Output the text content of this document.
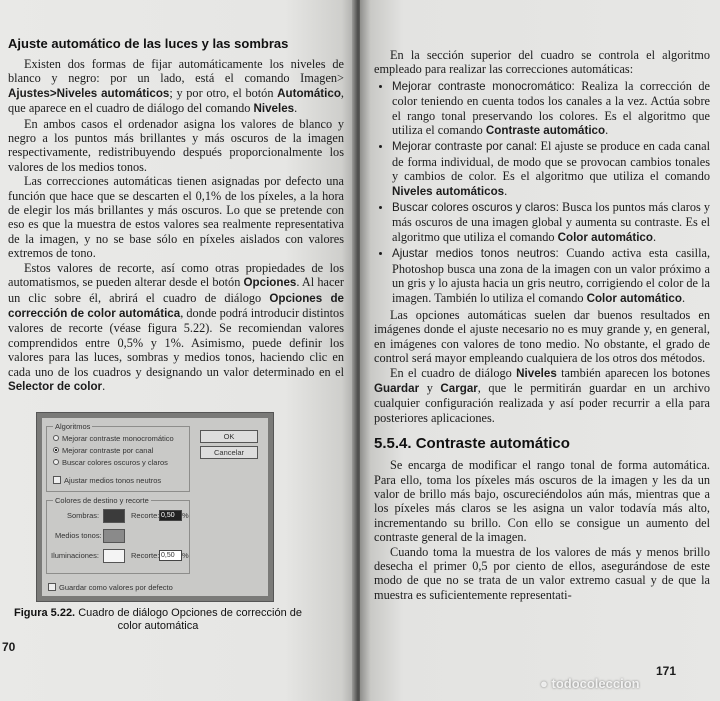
Ajuste automático de las luces y las sombras

Existen dos formas de fijar automáticamente los niveles de blanco y negro: por un lado, está el comando Imagen> Ajustes>Niveles automáticos; y por otro, el botón Automático, que aparece en el cuadro de diálogo del comando Niveles.

En ambos casos el ordenador asigna los valores de blanco y negro a los puntos más brillantes y más oscuros de la imagen respectivamente, redistribuyendo después proporcionalmente los valores de los medios tonos.

Las correcciones automáticas tienen asignadas por defecto una función que hace que se descarten el 0,1% de los píxeles, a la hora de elegir los más brillantes y más oscuros. Lo que se pretende con eso es que la muestra de estos valores sea realmente representativa de la imagen, y no se base sólo en píxeles aislados con valores extremos de tono.

Estos valores de recorte, así como otras propiedades de los automatismos, se pueden alterar desde el botón Opciones. Al hacer un clic sobre él, abrirá el cuadro de diálogo Opciones de corrección de color automática, donde podrá introducir distintos valores de recorte (véase figura 5.22). Se recomiendan valores comprendidos entre 0,5% y 1%. Asimismo, puede definir los valores para las luces, sombras y medios tonos, haciendo clic en cada uno de los cuadros y designando un valor determinado en el Selector de color.

Algoritmos
Mejorar contraste monocromático
Mejorar contraste por canal
Buscar colores oscuros y claros
Ajustar medios tonos neutros
OK
Cancelar
Colores de destino y recorte
Sombras:	Recorte: 0,50 %
Medios tonos:
Iluminaciones:	Recorte: 0,50 %
Guardar como valores por defecto
Figura 5.22. Cuadro de diálogo Opciones de corrección de color automática
70

En la sección superior del cuadro se controla el algoritmo empleado para realizar las correcciones automáticas:

• Mejorar contraste monocromático: Realiza la corrección de color teniendo en cuenta todos los canales a la vez. Actúa sobre el rango tonal preservando los colores. Es el algoritmo que utiliza el comando Contraste automático.
• Mejorar contraste por canal: El ajuste se produce en cada canal de forma individual, de modo que se provocan cambios tonales y cambios de color. Es el algoritmo que utiliza el comando Niveles automáticos.
• Buscar colores oscuros y claros: Busca los puntos más claros y más oscuros de una imagen global y aumenta su contraste. Es el algoritmo que utiliza el comando Color automático.
• Ajustar medios tonos neutros: Cuando activa esta casilla, Photoshop busca una zona de la imagen con un valor próximo a un gris y lo ajusta hacia un gris neutro, corrigiendo el color de la imagen. También lo utiliza el comando Color automático.

Las opciones automáticas suelen dar buenos resultados en imágenes donde el ajuste necesario no es muy grande y, en general, en imágenes con valores de tono medio. No obstante, el grado de control será mayor empleando cualquiera de los otros dos métodos.

En el cuadro de diálogo Niveles también aparecen los botones Guardar y Cargar, que le permitirán guardar en un archivo cualquier configuración realizada y así poder recurrir a ella para posteriores aplicaciones.

5.5.4. Contraste automático

Se encarga de modificar el rango tonal de forma automática. Para ello, toma los píxeles más oscuros de la imagen y les da un valor de brillo más bajo, oscureciéndolos aún más, mientras que a los píxeles más claros se les asigna un valor todavía más alto, incrementando su brillo. Con ello se consigue un aumento del contraste general de la imagen.

Cuando toma la muestra de los valores de más y menos brillo desecha el primer 0,5 por ciento de ellos, asegurándose de este modo de que no se trata de un valor extremo casual y de que la muestra es suficientemente representati-

171
● todocoleccion
